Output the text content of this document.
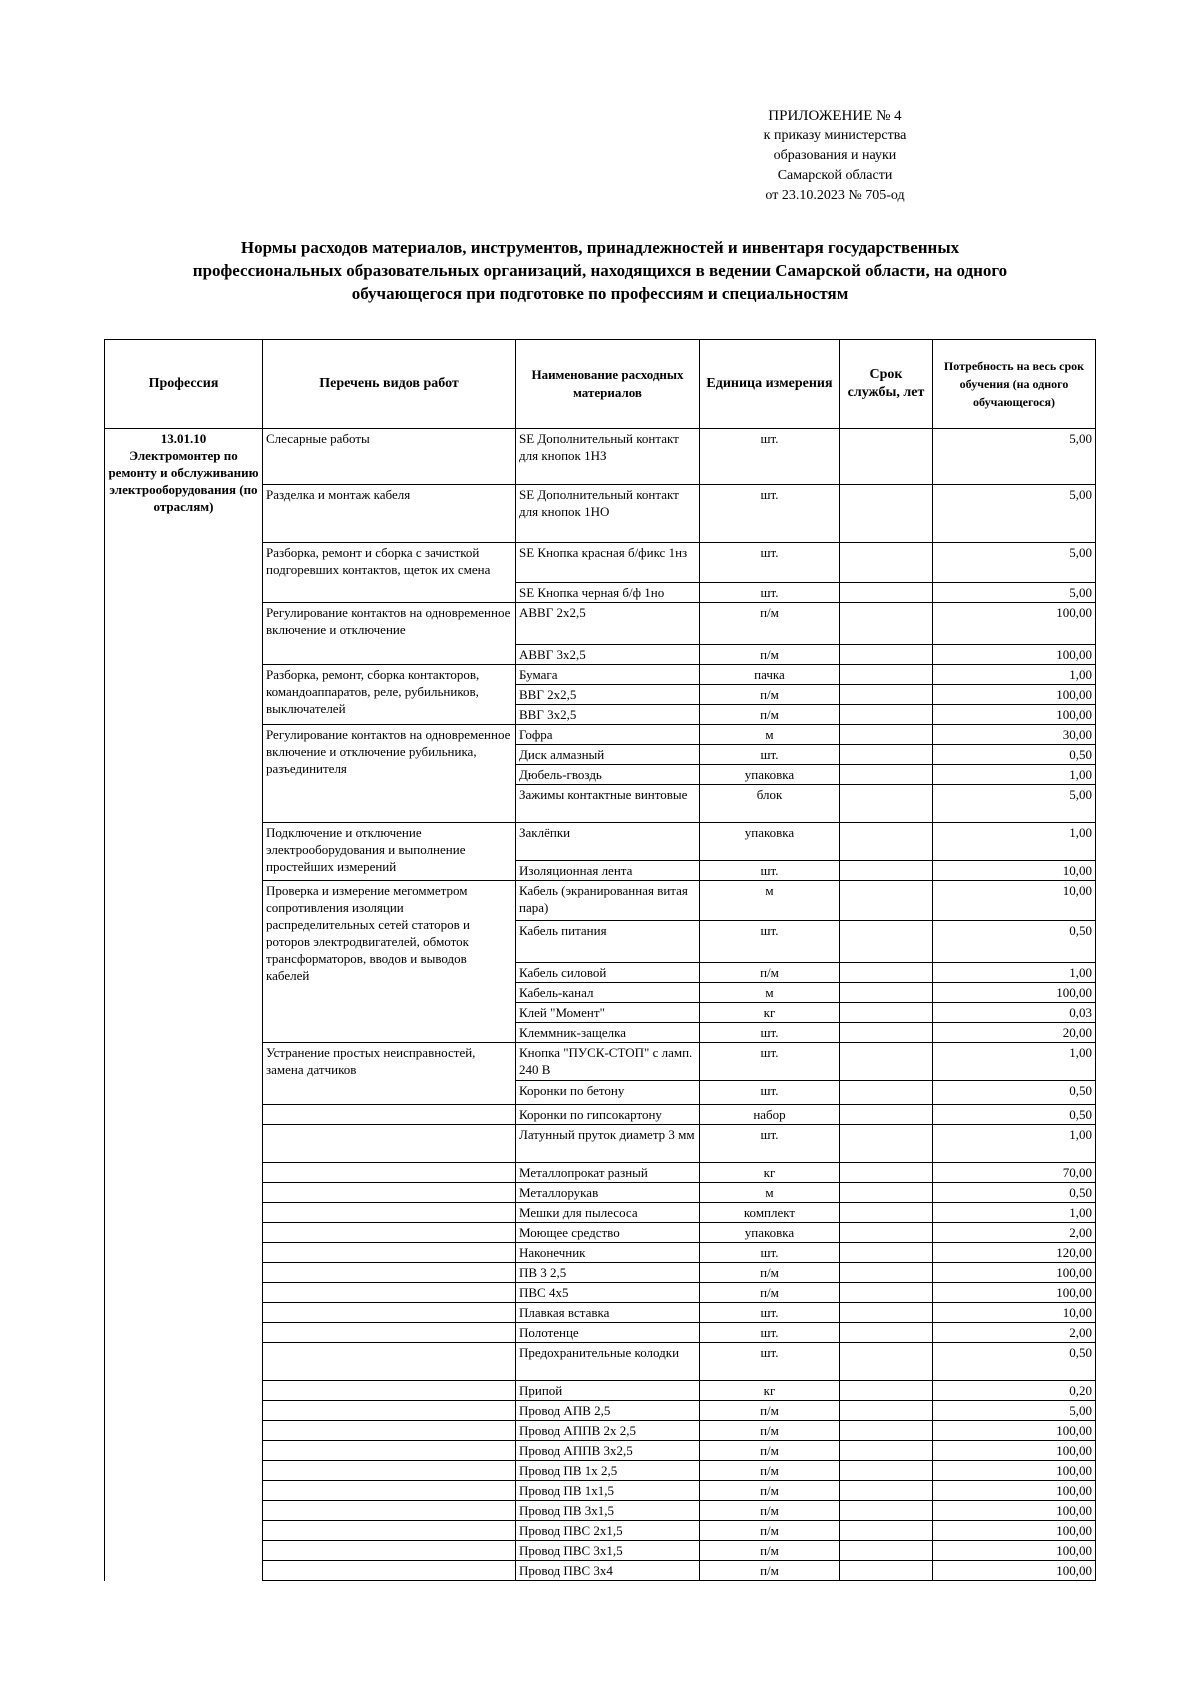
ПРИЛОЖЕНИЕ № 4
к приказу министерства
образования и науки
Самарской области
от 23.10.2023 № 705-од
Нормы расходов материалов, инструментов, принадлежностей и инвентаря государственных
профессиональных образовательных организаций, находящихся в ведении Самарской области, на одного
обучающегося при подготовке по профессиям и специальностям
Профессия	Перечень видов работ	Наименование расходных материалов	Единица измерения	Срок службы, лет	Потребность на весь срок обучения (на одного обучающегося)

13.01.10
Электромонтер по ремонту и обслуживанию электрооборудования (по отраслям)	Слесарные работы	SE Дополнительный контакт для кнопок 1НЗ	шт.		5,00
	Разделка и монтаж кабеля	SE Дополнительный контакт для кнопок 1НО	шт.		5,00
	Разборка, ремонт и сборка с зачисткой подгоревших контактов, щеток их смена	SE Кнопка красная б/фикс 1нз	шт.		5,00
		SE Кнопка черная б/ф 1но	шт.		5,00
	Регулирование контактов на одновременное включение и отключение	АВВГ 2х2,5	п/м		100,00
		АВВГ 3х2,5	п/м		100,00
	Разборка, ремонт, сборка контакторов, командоаппаратов, реле, рубильников, выключателей	Бумага	пачка		1,00
		ВВГ 2х2,5	п/м		100,00
		ВВГ 3х2,5	п/м		100,00
	Регулирование контактов на одновременное включение и отключение рубильника, разъединителя	Гофра	м		30,00
		Диск алмазный	шт.		0,50
		Дюбель-гвоздь	упаковка		1,00
		Зажимы контактные винтовые	блок		5,00
	Подключение и отключение электрооборудования и выполнение простейших измерений	Заклёпки	упаковка		1,00
		Изоляционная лента	шт.		10,00
	Проверка и измерение мегомметром сопротивления изоляции распределительных сетей статоров и роторов электродвигателей, обмоток трансформаторов, вводов и выводов кабелей	Кабель (экранированная витая пара)	м		10,00
		Кабель питания	шт.		0,50
		Кабель силовой	п/м		1,00
		Кабель-канал	м		100,00
		Клей "Момент"	кг		0,03
		Клеммник-защелка	шт.		20,00
	Устранение простых неисправностей, замена датчиков	Кнопка "ПУСК-СТОП" с ламп. 240 В	шт.		1,00
		Коронки по бетону	шт.		0,50
		Коронки по гипсокартону	набор		0,50
		Латунный пруток диаметр 3 мм	шт.		1,00
		Металлопрокат разный	кг		70,00
		Металлорукав	м		0,50
		Мешки для пылесоса	комплект		1,00
		Моющее средство	упаковка		2,00
		Наконечник	шт.		120,00
		ПВ 3 2,5	п/м		100,00
		ПВС 4х5	п/м		100,00
		Плавкая вставка	шт.		10,00
		Полотенце	шт.		2,00
		Предохранительные колодки	шт.		0,50
		Припой	кг		0,20
		Провод АПВ 2,5	п/м		5,00
		Провод АППВ 2х 2,5	п/м		100,00
		Провод АППВ 3х2,5	п/м		100,00
		Провод ПВ 1х 2,5	п/м		100,00
		Провод ПВ 1х1,5	п/м		100,00
		Провод ПВ 3х1,5	п/м		100,00
		Провод ПВС 2х1,5	п/м		100,00
		Провод ПВС 3х1,5	п/м		100,00
		Провод ПВС 3х4	п/м		100,00
